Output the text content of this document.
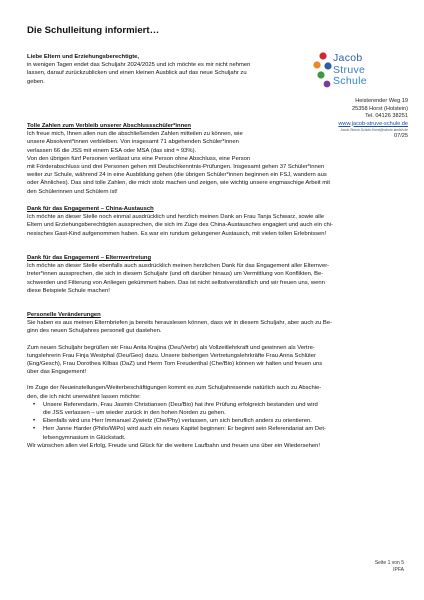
Die Schulleitung informiert…
Jacob
Struve
Schule
Heisterender Weg 19
25358 Horst (Holstein)
Tel. 04126 38251
www.jacob-struve-schule.de
Jacob-Struve-Schule-Horst@schule.landsh.de
07/25
Liebe Eltern und Erziehungsberechtigte,
in wenigen Tagen endet das Schuljahr 2024/2025 und ich möchte es mir nicht nehmen
lassen, darauf zurückzublicken und einen kleinen Ausblick auf das neue Schuljahr zu
geben.
Tolle Zahlen zum Verbleib unserer Abschlussschüler*innen
Ich freue mich, Ihnen allen nun die abschließenden Zahlen mitteilen zu können, wie
unsere Absolvent*innen verbleiben. Von insgesamt 71 abgehenden Schüler*innen
verlassen 66 die JSS mit einem ESA oder MSA (das sind ≈ 93%).
Von den übrigen fünf Personen verlässt uns eine Person ohne Abschluss, eine Person
mit Förderabschluss und drei Personen gehen mit Deutschkenntnis-Prüfungen. Insgesamt gehen 37 Schüler*innen
weiter zur Schule, während 24 in eine Ausbildung gehen (die übrigen Schüler*innen beginnen ein FSJ, wandern aus
oder Ähnliches). Das sind tolle Zahlen, die mich stolz machen und zeigen, wie wichtig unsere engmaschige Arbeit mit
den Schülerinnen und Schülern ist!
Dank für das Engagement – China-Austausch
Ich möchte an dieser Stelle noch einmal ausdrücklich und herzlich meinen Dank an Frau Tanja Schwarz, sowie alle
Eltern und Erziehungsberechtigten aussprechen, die sich im Zuge des China-Austausches engagiert und auch ein chi-
nesisches Gast-Kind aufgenommen haben. Es war ein rundum gelungener Austausch, mit vielen tollen Erlebnissen!
Dank für das Engagement – Elternvertretung
Ich möchte an dieser Stelle ebenfalls auch ausdrücklich meinen herzlichen Dank für das Engagement aller Elternver-
treter*innen aussprechen, die sich in diesem Schuljahr (und oft darüber hinaus) um Vermittlung von Konflikten, Be-
schwerden und Filterung von Anliegen gekümmert haben. Das ist nicht selbstverständlich und wir freuen uns, wenn
diese Beispiele Schule machen!
Personelle Veränderungen
Sie haben es aus meinen Elternbriefen ja bereits herauslesen können, dass wir in diesem Schuljahr, aber auch zu Be-
ginn des neuen Schuljahres personell gut dastehen.
Zum neuen Schuljahr begrüßen wir Frau Anita Krajina (Deu/Verbr) als Vollzeitlehrkraft und gewinnen als Vertre-
tungslehrerin Frau Finja Westphal (Deu/Geo) dazu. Unsere bisherigen Vertretungslehrkräfte Frau Anna Schlüter
(Eng/Gesch), Frau Dorothea Kilbas (DaZ) und Herrn Tom Freudenthal (Che/Bio) können wir halten und freuen uns
über das Engagement!
Im Zuge der Neueinstellungen/Weiterbeschäftigungen kommt es zum Schuljahresende natürlich auch zu Abschie-
den, die ich nicht unerwähnt lassen möchte:
• Unsere Referendarin, Frau Jasmin Christiansen (Deu/Bio) hat ihre Prüfung erfolgreich bestanden und wird
die JSS verlassen – um wieder zurück in den hohen Norden zu gehen.
• Ebenfalls wird uns Herr Immanuel Zywietz (Che/Phy) verlassen, um sich beruflich anders zu orientieren.
• Herr Janne Harder (Philo/WiPo) wird auch ein neues Kapitel beginnen: Er beginnt sein Referendariat am Det-
lefsengymnasium in Glückstadt.
Wir wünschen allen viel Erfolg, Freude und Glück für die weitere Laufbahn und freuen uns über ein Wiedersehen!
Seite 1 von 5
IPFA
